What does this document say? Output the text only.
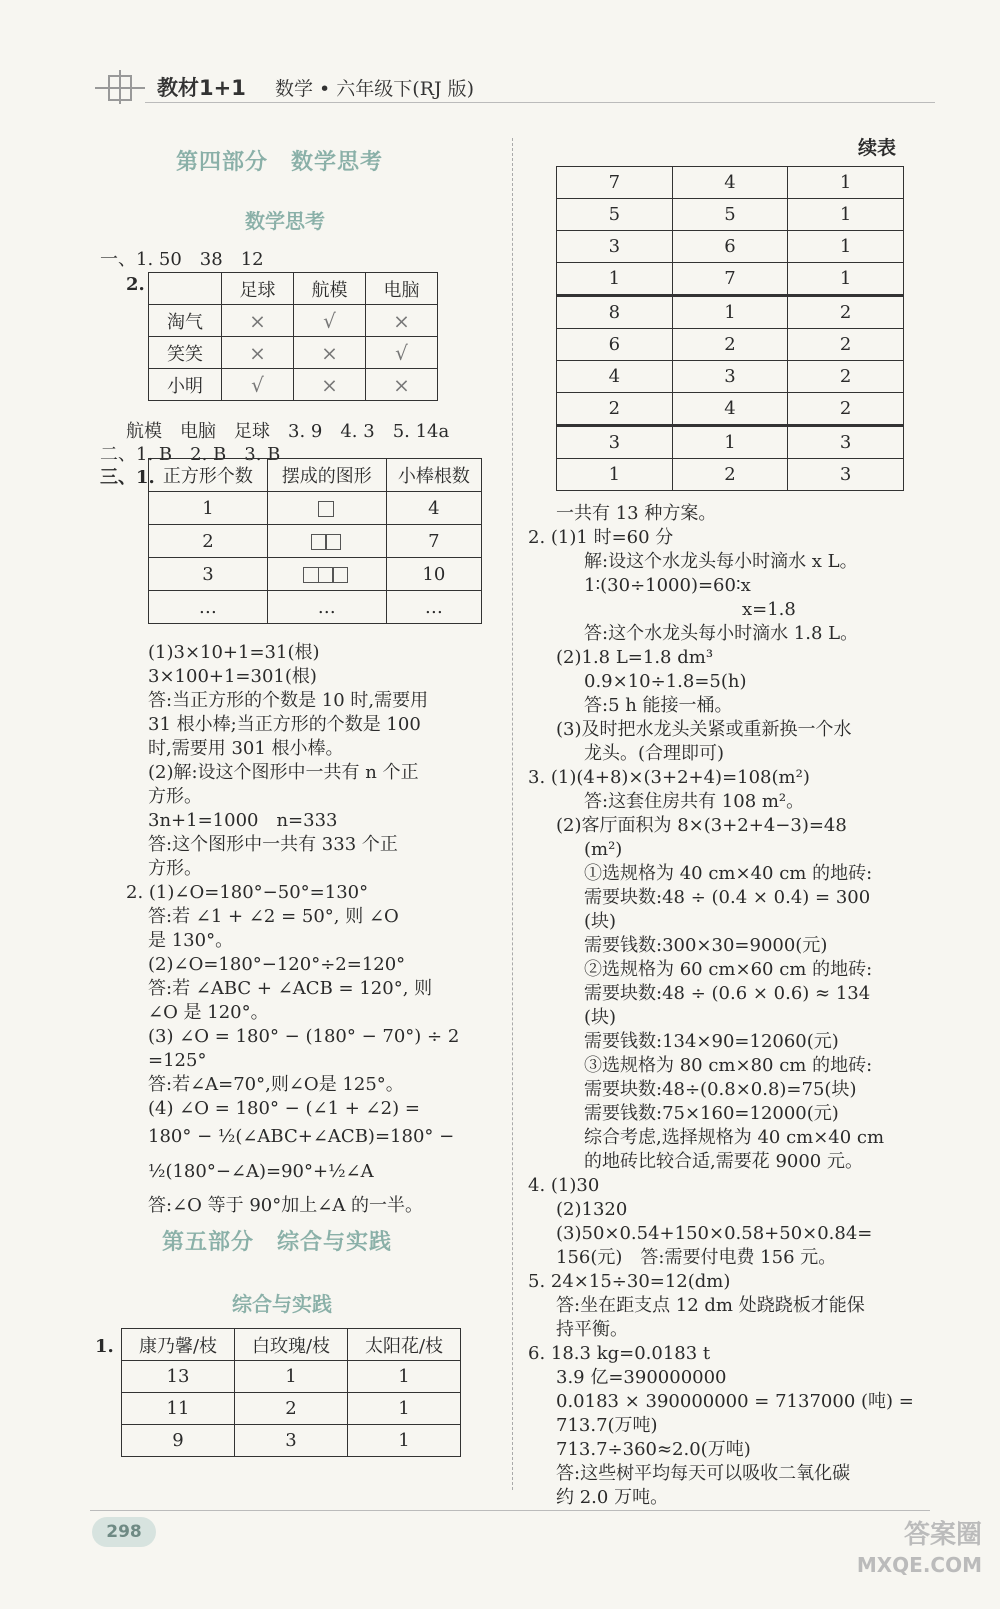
教材1+1 数学 • 六年级下(RJ 版)
第四部分　数学思考
数学思考
一、1. 50　38　12
2.
		足球	航模	电脑
淘气	×	√	×
笑笑	×	×	√
小明	√	×	×
航模　电脑　足球　3. 9　4. 3　5. 14a
二、1. B　2. B　3. B
三、1. 正方形个数	摆成的图形	小棒根数
1		4
2		7
3		10
…	…	…
(1)3×10+1=31(根)
3×100+1=301(根)
答:当正方形的个数是 10 时,需要用
31 根小棒;当正方形的个数是 100
时,需要用 301 根小棒。
(2)解:设这个图形中一共有 n 个正
方形。
3n+1=1000　n=333
答:这个图形中一共有 333 个正
方形。
2. (1)∠O=180°−50°=130°
答:若 ∠1 + ∠2 = 50°, 则 ∠O
是 130°。
(2)∠O=180°−120°÷2=120°
答:若 ∠ABC + ∠ACB = 120°, 则
∠O 是 120°。
(3) ∠O = 180° − (180° − 70°) ÷ 2
=125°
答:若∠A=70°,则∠O是 125°。
(4) ∠O = 180° − (∠1 + ∠2) =
180° − ½(∠ABC+∠ACB)=180° −
½(180°−∠A)=90°+½∠A
答:∠O 等于 90°加上∠A 的一半。
第五部分　综合与实践
综合与实践
1. 康乃馨/枝	白玫瑰/枝	太阳花/枝
13	1	1
11	2	1
9	3	1
续表
7	4	1
5	5	1
3	6	1
1	7	1
8	1	2
6	2	2
4	3	2
2	4	2
3	1	3
1	2	3
一共有 13 种方案。
2. (1)1 时=60 分
解:设这个水龙头每小时滴水 x L。
1∶(30÷1000)=60∶x
x=1.8
答:这个水龙头每小时滴水 1.8 L。
(2)1.8 L=1.8 dm³
0.9×10÷1.8=5(h)
答:5 h 能接一桶。
(3)及时把水龙头关紧或重新换一个水
龙头。(合理即可)
3. (1)(4+8)×(3+2+4)=108(m²)
答:这套住房共有 108 m²。
(2)客厅面积为 8×(3+2+4−3)=48
(m²)
①选规格为 40 cm×40 cm 的地砖:
需要块数:48 ÷ (0.4 × 0.4) = 300
(块)
需要钱数:300×30=9000(元)
②选规格为 60 cm×60 cm 的地砖:
需要块数:48 ÷ (0.6 × 0.6) ≈ 134
(块)
需要钱数:134×90=12060(元)
③选规格为 80 cm×80 cm 的地砖:
需要块数:48÷(0.8×0.8)=75(块)
需要钱数:75×160=12000(元)
综合考虑,选择规格为 40 cm×40 cm
的地砖比较合适,需要花 9000 元。
4. (1)30
(2)1320
(3)50×0.54+150×0.58+50×0.84=
156(元)　答:需要付电费 156 元。
5. 24×15÷30=12(dm)
答:坐在距支点 12 dm 处跷跷板才能保
持平衡。
6. 18.3 kg=0.0183 t
3.9 亿=390000000
0.0183 × 390000000 = 7137000 (吨) =
713.7(万吨)
713.7÷360≈2.0(万吨)
答:这些树平均每天可以吸收二氧化碳
约 2.0 万吨。
298	答案圈
MXQE.COM
